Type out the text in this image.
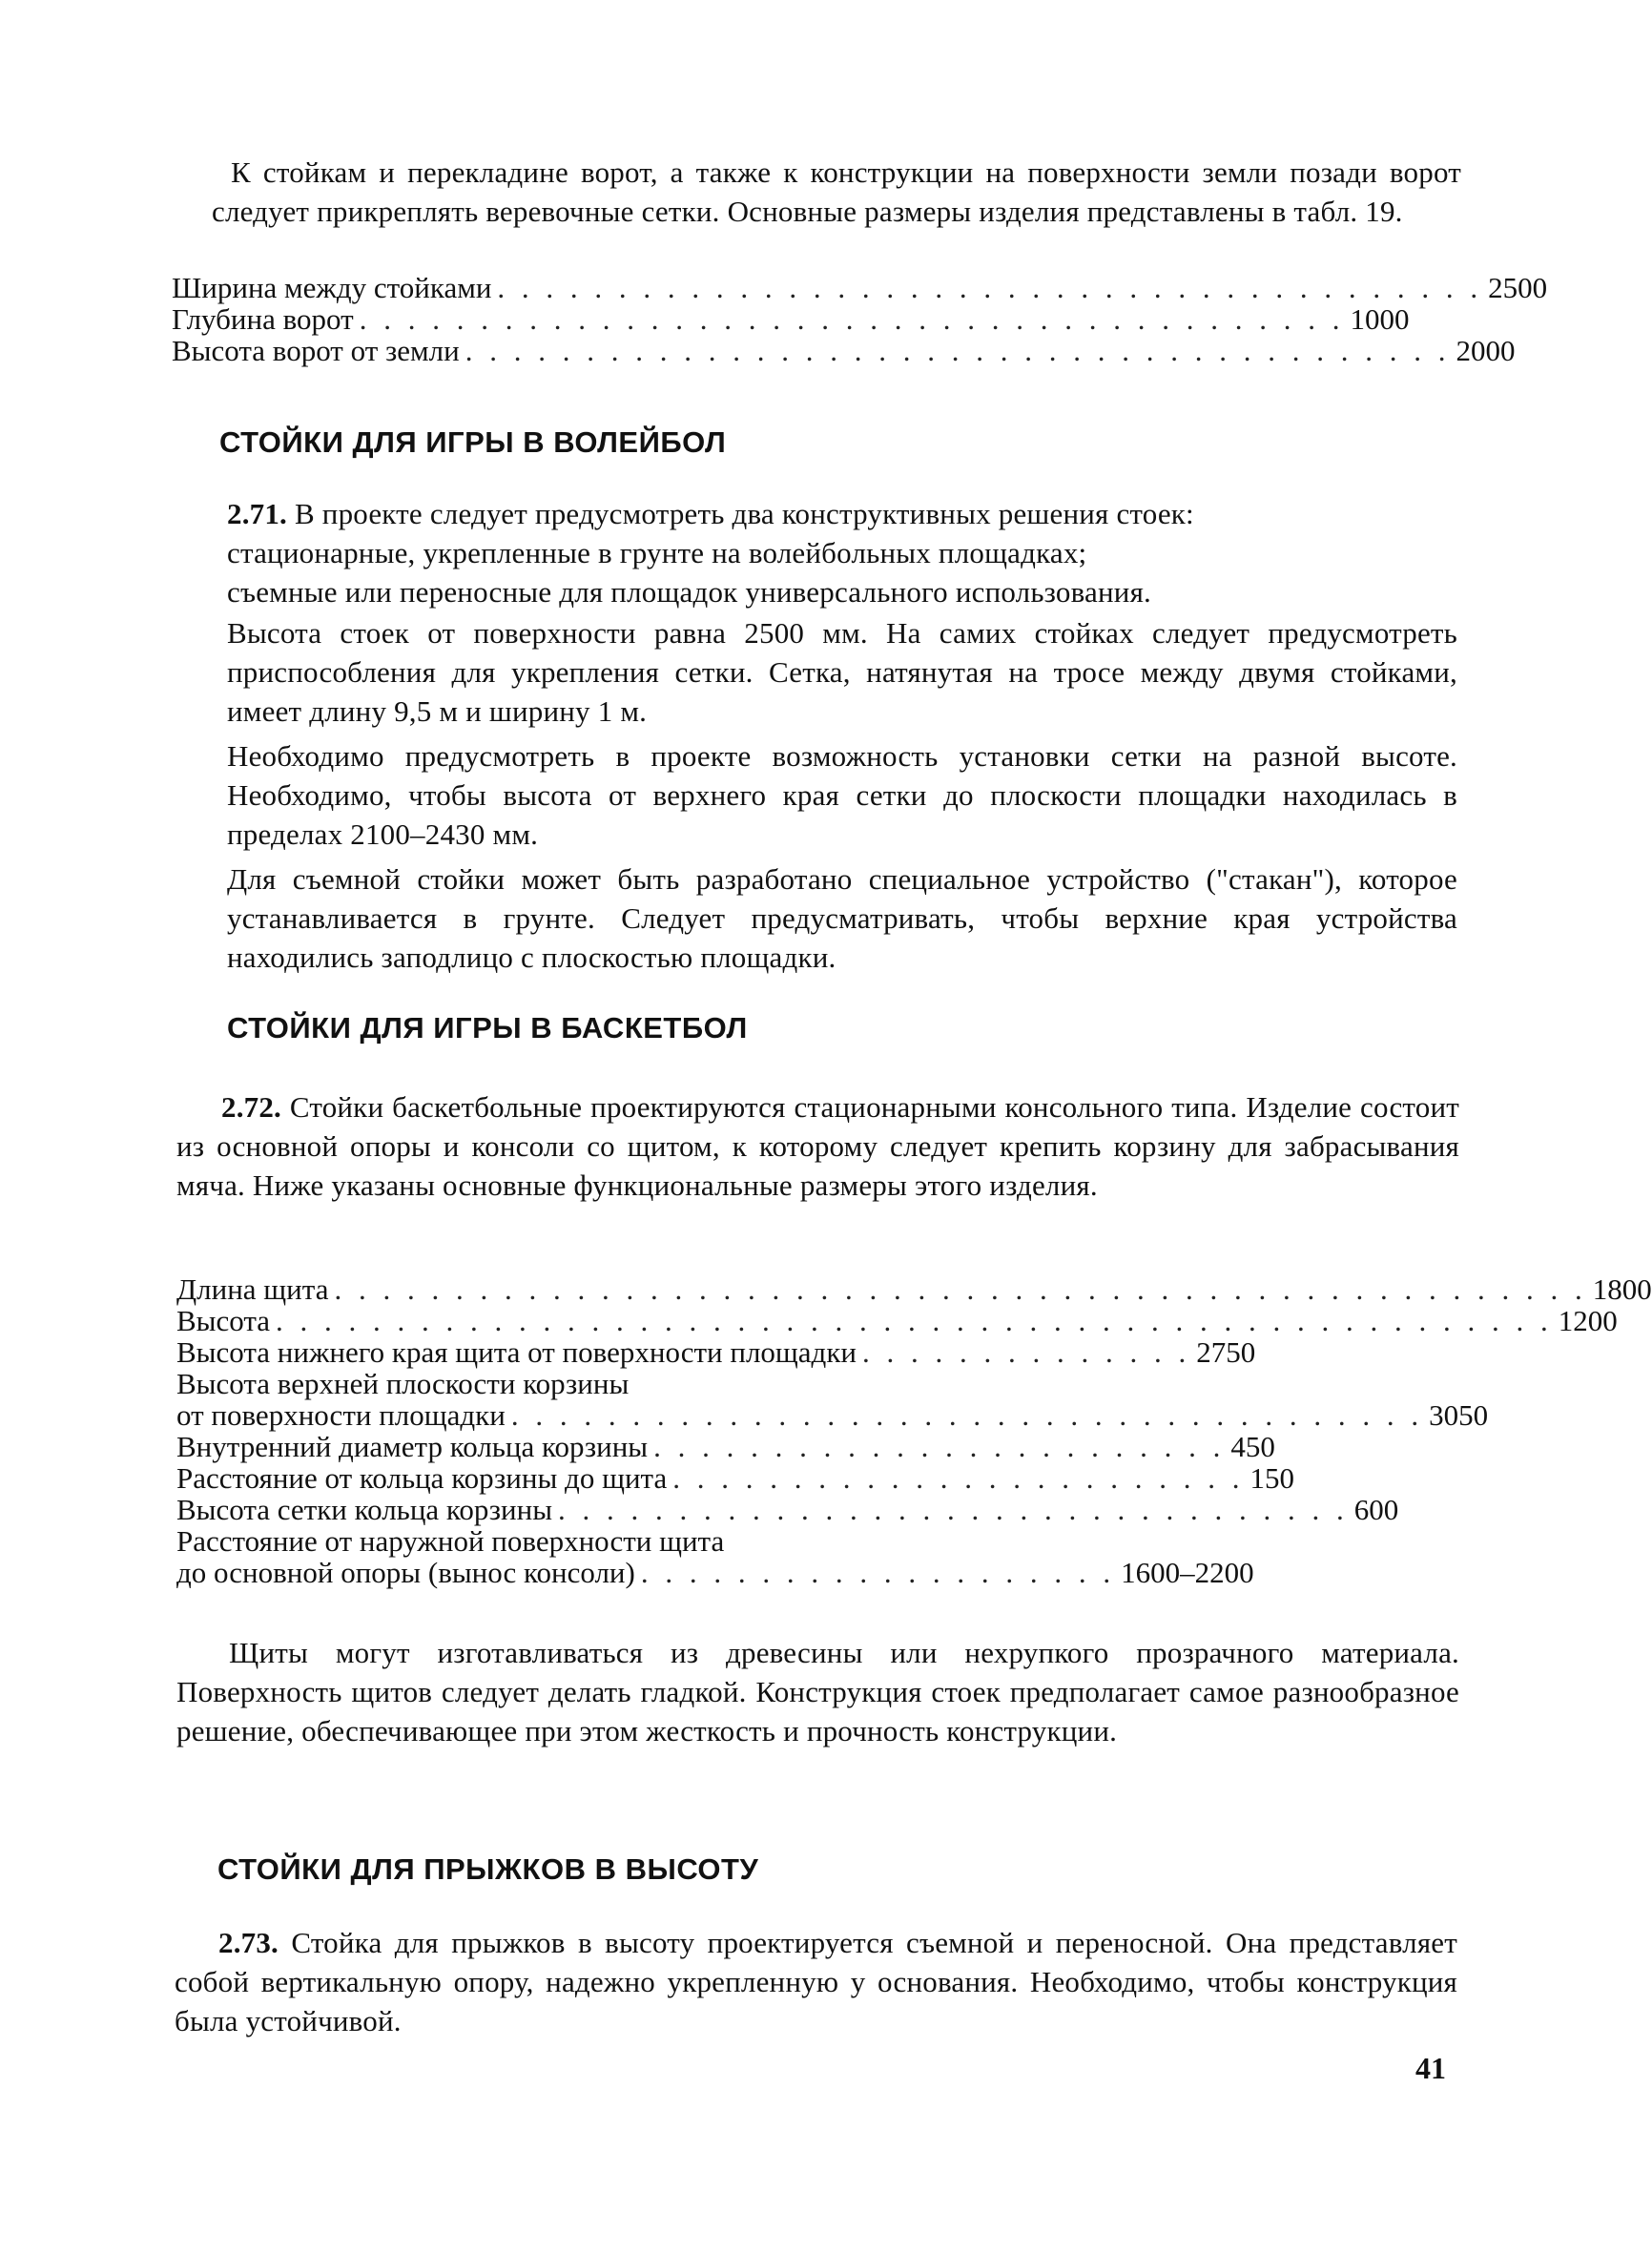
К стойкам и перекладине ворот, а также к конструкции на поверхности земли позади ворот следует прикреплять веревочные сетки. Основные размеры изделия представлены в табл. 19.

Ширина между стойками . . . . . . . . . . . . . . . . . . . . . . . . . . . . . . . . . . . . . . . . . 2500
Глубина ворот . . . . . . . . . . . . . . . . . . . . . . . . . . . . . . . . . . . . . . . . . 1000
Высота ворот от земли . . . . . . . . . . . . . . . . . . . . . . . . . . . . . . . . . . . . . . . . . 2000

СТОЙКИ ДЛЯ ИГРЫ В ВОЛЕЙБОЛ

2.71. В проекте следует предусмотреть два конструктивных решения стоек:

стационарные, укрепленные в грунте на волейбольных площадках;

съемные или переносные для площадок универсального использования.

Высота стоек от поверхности равна 2500 мм. На самих стойках следует предусмотреть приспособления для укрепления сетки. Сетка, натянутая на тросе между двумя стойками, имеет длину 9,5 м и ширину 1 м.

Необходимо предусмотреть в проекте возможность установки сетки на разной высоте. Необходимо, чтобы высота от верхнего края сетки до плоскости площадки находилась в пределах 2100–2430 мм.

Для съемной стойки может быть разработано специальное устройство ("стакан"), которое устанавливается в грунте. Следует предусматривать, чтобы верхние края устройства находились заподлицо с плоскостью площадки.

СТОЙКИ ДЛЯ ИГРЫ В БАСКЕТБОЛ

2.72. Стойки баскетбольные проектируются стационарными консольного типа. Изделие состоит из основной опоры и консоли со щитом, к которому следует крепить корзину для забрасывания мяча. Ниже указаны основные функциональные размеры этого изделия.

Длина щита . . . . . . . . . . . . . . . . . . . . . . . . . . . . . . . . . . . . . . . . . . . . . . . . . . . . 1800
Высота . . . . . . . . . . . . . . . . . . . . . . . . . . . . . . . . . . . . . . . . . . . . . . . . . . . . . 1200
Высота нижнего края щита от поверхности площадки . . . . . . . . . . . . . . 2750
Высота верхней плоскости корзины
от поверхности площадки . . . . . . . . . . . . . . . . . . . . . . . . . . . . . . . . . . . . . . 3050
Внутренний диаметр кольца корзины . . . . . . . . . . . . . . . . . . . . . . . . 450
Расстояние от кольца корзины до щита . . . . . . . . . . . . . . . . . . . . . . . . 150
Высота сетки кольца корзины . . . . . . . . . . . . . . . . . . . . . . . . . . . . . . . . . 600
Расстояние от наружной поверхности щита
до основной опоры (вынос консоли) . . . . . . . . . . . . . . . . . . . . 1600–2200

Щиты могут изготавливаться из древесины или нехрупкого прозрачного материала. Поверхность щитов следует делать гладкой. Конструкция стоек предполагает самое разнообразное решение, обеспечивающее при этом жесткость и прочность конструкции.

СТОЙКИ ДЛЯ ПРЫЖКОВ В ВЫСОТУ

2.73. Стойка для прыжков в высоту проектируется съемной и переносной. Она представляет собой вертикальную опору, надежно укрепленную у основания. Необходимо, чтобы конструкция была устойчивой.

41
